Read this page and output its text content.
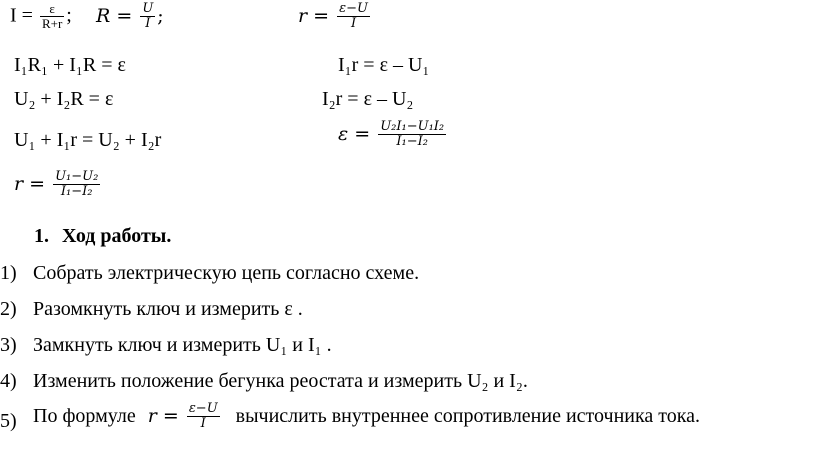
$I = \frac{\varepsilon}{R+r}$ ; $R = \frac{U}{I}$ ;	$r = \frac{\varepsilon-U}{I}$
I₁R₁ + I₁R = ε	I₁r = ε – U₁
U₂ + I₂R = ε	I₂r = ε – U₂
U₁ + I₁r = U₂ + I₂r	$\varepsilon = \frac{\text{U₂I₁−U₁I₂}}{\text{I₁−I₂}}$
$r = \frac{\text{U₁−U₂}}{\text{I₁−I₂}}$
1. Ход работы.
1) Собрать электрическую цепь согласно схеме.
2) Разомкнуть ключ и измерить ε .
3) Замкнуть ключ и измерить U₁ и I₁ .
4) Изменить положение бегунка реостата и измерить U₂ и I₂.
5) По формуле $r = \frac{\varepsilon-U}{I}$ вычислить внутреннее сопротивление источника тока.
